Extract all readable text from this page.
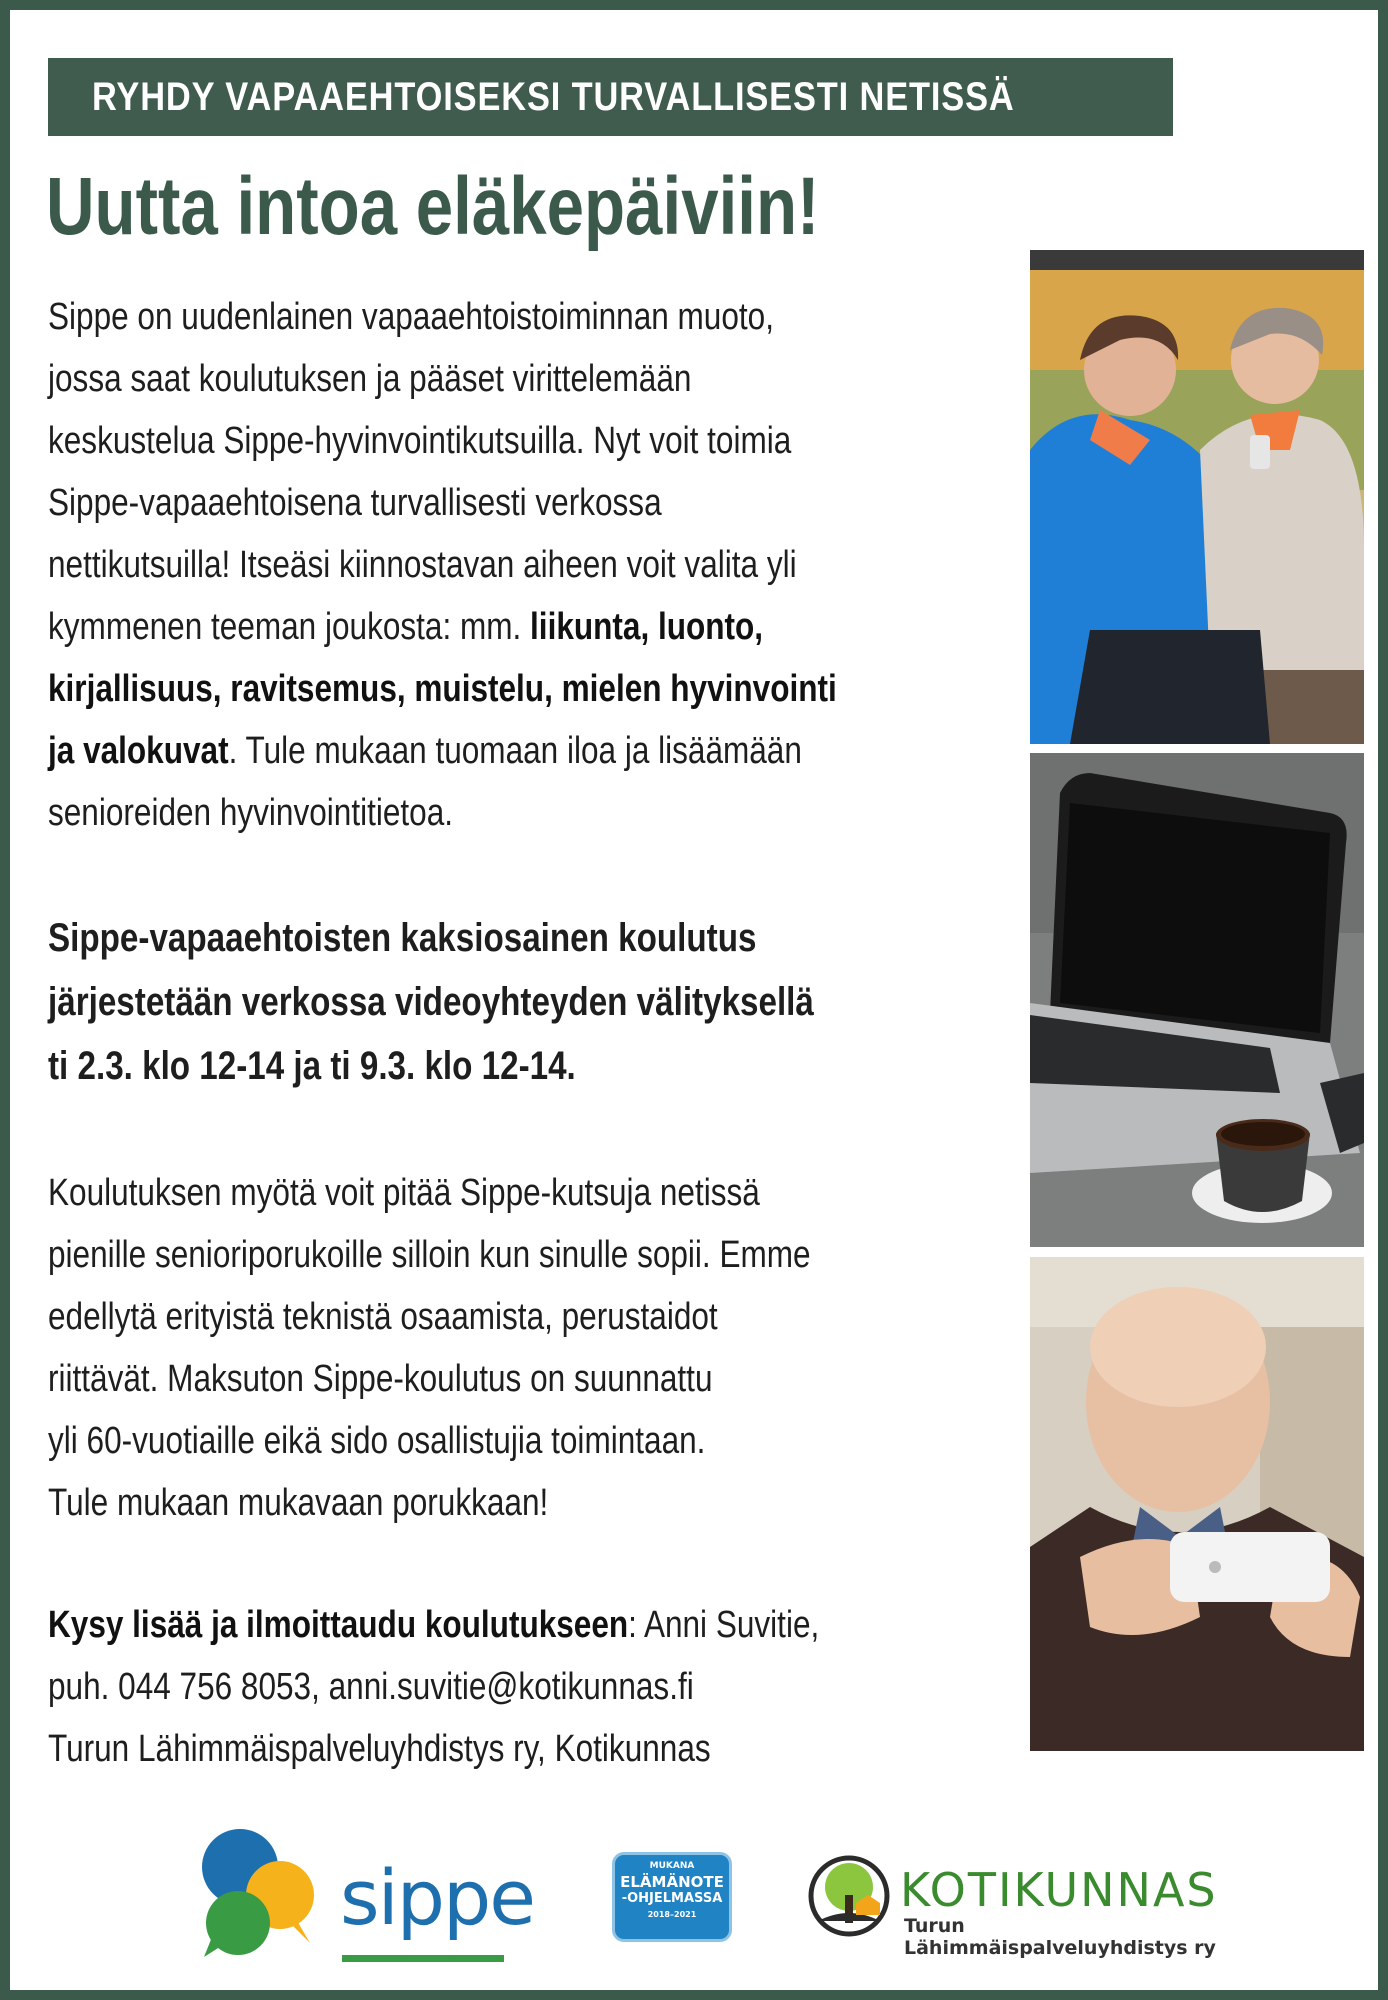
RYHDY VAPAAEHTOISEKSI TURVALLISESTI NETISSÄ
Uutta intoa eläkepäiviin!
Sippe on uudenlainen vapaaehtoistoiminnan muoto,
jossa saat koulutuksen ja pääset virittelemään
keskustelua Sippe-hyvinvointikutsuilla. Nyt voit toimia
Sippe-vapaaehtoisena turvallisesti verkossa
nettikutsuilla! Itseäsi kiinnostavan aiheen voit valita yli
kymmenen teeman joukosta: mm. liikunta, luonto,
kirjallisuus, ravitsemus, muistelu, mielen hyvinvointi
ja valokuvat. Tule mukaan tuomaan iloa ja lisäämään
senioreiden hyvinvointitietoa.
Sippe-vapaaehtoisten kaksiosainen koulutus
järjestetään verkossa videoyhteyden välityksellä
ti 2.3. klo 12-14 ja ti 9.3. klo 12-14.
Koulutuksen myötä voit pitää Sippe-kutsuja netissä
pienille senioriporukoille silloin kun sinulle sopii. Emme
edellytä erityistä teknistä osaamista, perustaidot
riittävät. Maksuton Sippe-koulutus on suunnattu
yli 60-vuotiaille eikä sido osallistujia toimintaan.
Tule mukaan mukavaan porukkaan!
Kysy lisää ja ilmoittaudu koulutukseen: Anni Suvitie,
puh. 044 756 8053, anni.suvitie@kotikunnas.fi
Turun Lähimmäispalveluyhdistys ry, Kotikunnas
sippe	MUKANA
ELÄMÄNOTE
-OHJELMASSA
2018–2021	KOTIKUNNAS
Turun Lähimmäispalveluyhdistys ry
